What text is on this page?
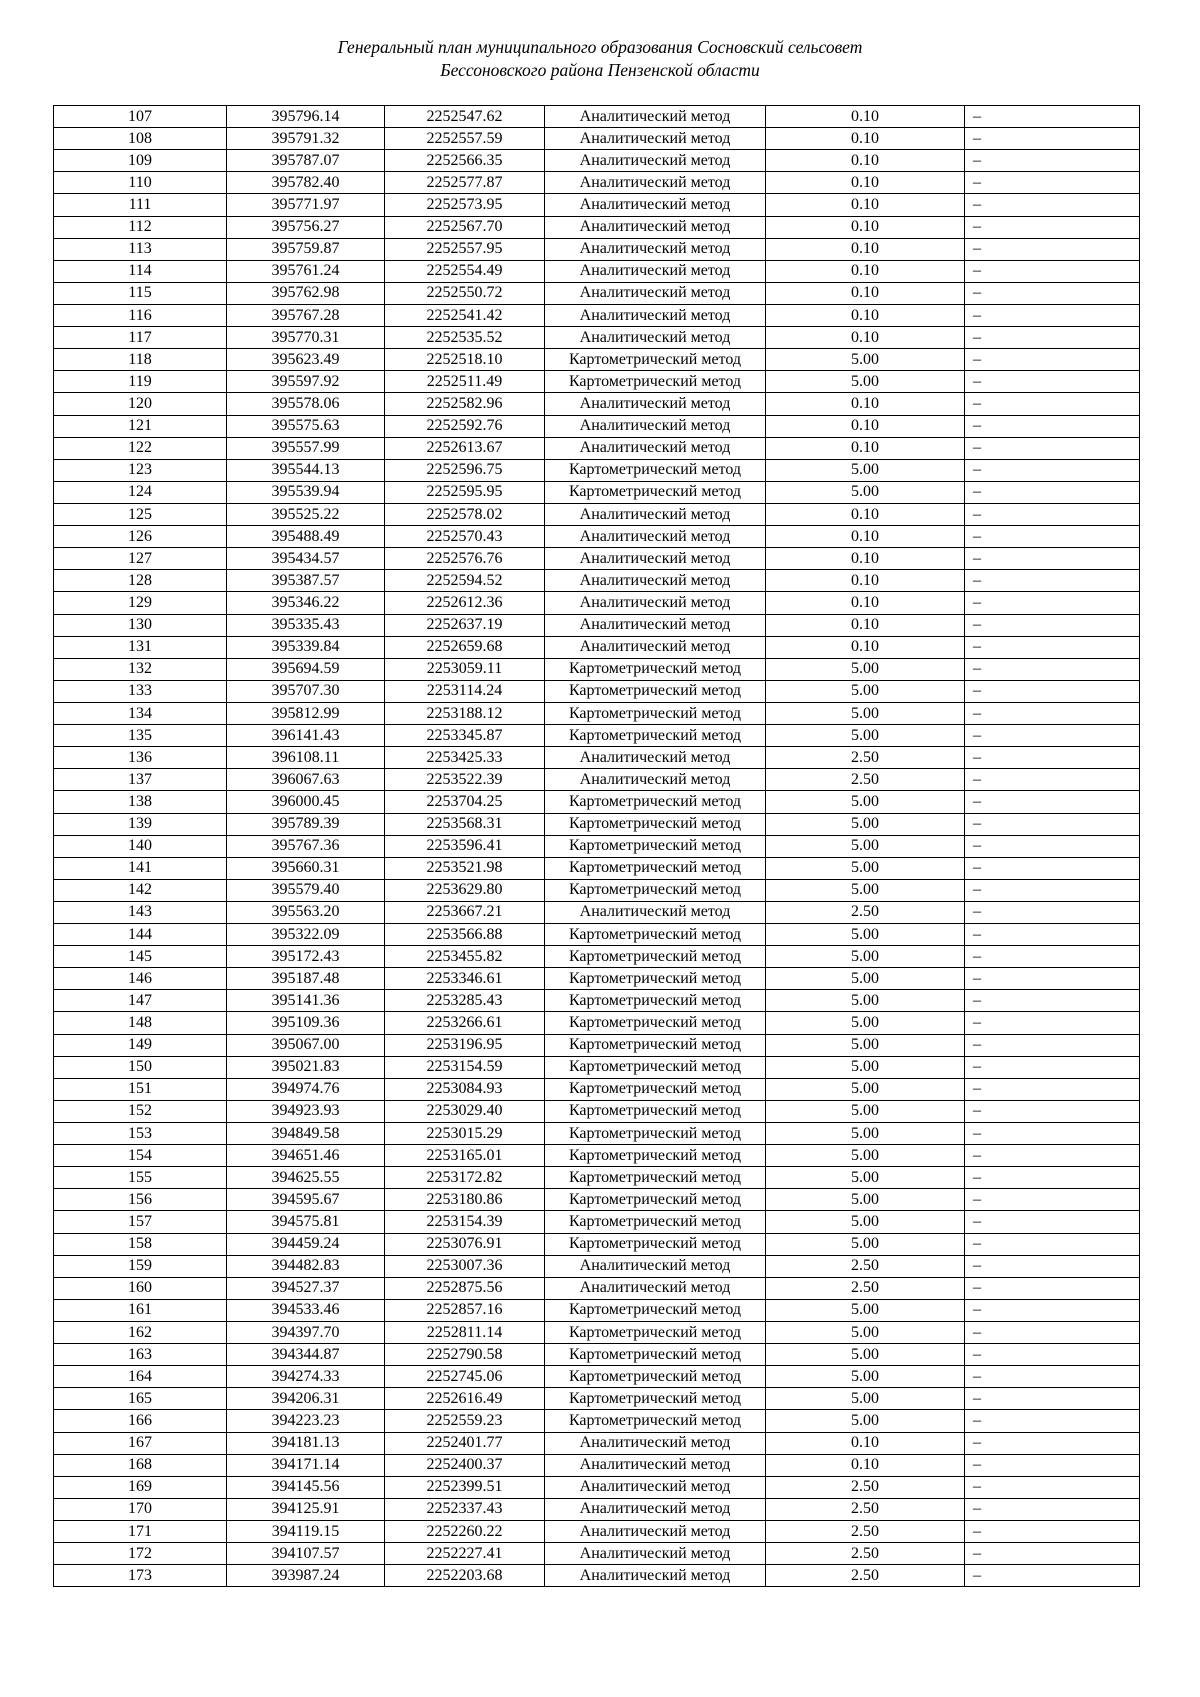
Генеральный план муниципального образования Сосновский сельсовет
Бессоновского района Пензенской области
107	395796.14	2252547.62	Аналитический метод	0.10	–
108	395791.32	2252557.59	Аналитический метод	0.10	–
109	395787.07	2252566.35	Аналитический метод	0.10	–
110	395782.40	2252577.87	Аналитический метод	0.10	–
111	395771.97	2252573.95	Аналитический метод	0.10	–
112	395756.27	2252567.70	Аналитический метод	0.10	–
113	395759.87	2252557.95	Аналитический метод	0.10	–
114	395761.24	2252554.49	Аналитический метод	0.10	–
115	395762.98	2252550.72	Аналитический метод	0.10	–
116	395767.28	2252541.42	Аналитический метод	0.10	–
117	395770.31	2252535.52	Аналитический метод	0.10	–
118	395623.49	2252518.10	Картометрический метод	5.00	–
119	395597.92	2252511.49	Картометрический метод	5.00	–
120	395578.06	2252582.96	Аналитический метод	0.10	–
121	395575.63	2252592.76	Аналитический метод	0.10	–
122	395557.99	2252613.67	Аналитический метод	0.10	–
123	395544.13	2252596.75	Картометрический метод	5.00	–
124	395539.94	2252595.95	Картометрический метод	5.00	–
125	395525.22	2252578.02	Аналитический метод	0.10	–
126	395488.49	2252570.43	Аналитический метод	0.10	–
127	395434.57	2252576.76	Аналитический метод	0.10	–
128	395387.57	2252594.52	Аналитический метод	0.10	–
129	395346.22	2252612.36	Аналитический метод	0.10	–
130	395335.43	2252637.19	Аналитический метод	0.10	–
131	395339.84	2252659.68	Аналитический метод	0.10	–
132	395694.59	2253059.11	Картометрический метод	5.00	–
133	395707.30	2253114.24	Картометрический метод	5.00	–
134	395812.99	2253188.12	Картометрический метод	5.00	–
135	396141.43	2253345.87	Картометрический метод	5.00	–
136	396108.11	2253425.33	Аналитический метод	2.50	–
137	396067.63	2253522.39	Аналитический метод	2.50	–
138	396000.45	2253704.25	Картометрический метод	5.00	–
139	395789.39	2253568.31	Картометрический метод	5.00	–
140	395767.36	2253596.41	Картометрический метод	5.00	–
141	395660.31	2253521.98	Картометрический метод	5.00	–
142	395579.40	2253629.80	Картометрический метод	5.00	–
143	395563.20	2253667.21	Аналитический метод	2.50	–
144	395322.09	2253566.88	Картометрический метод	5.00	–
145	395172.43	2253455.82	Картометрический метод	5.00	–
146	395187.48	2253346.61	Картометрический метод	5.00	–
147	395141.36	2253285.43	Картометрический метод	5.00	–
148	395109.36	2253266.61	Картометрический метод	5.00	–
149	395067.00	2253196.95	Картометрический метод	5.00	–
150	395021.83	2253154.59	Картометрический метод	5.00	–
151	394974.76	2253084.93	Картометрический метод	5.00	–
152	394923.93	2253029.40	Картометрический метод	5.00	–
153	394849.58	2253015.29	Картометрический метод	5.00	–
154	394651.46	2253165.01	Картометрический метод	5.00	–
155	394625.55	2253172.82	Картометрический метод	5.00	–
156	394595.67	2253180.86	Картометрический метод	5.00	–
157	394575.81	2253154.39	Картометрический метод	5.00	–
158	394459.24	2253076.91	Картометрический метод	5.00	–
159	394482.83	2253007.36	Аналитический метод	2.50	–
160	394527.37	2252875.56	Аналитический метод	2.50	–
161	394533.46	2252857.16	Картометрический метод	5.00	–
162	394397.70	2252811.14	Картометрический метод	5.00	–
163	394344.87	2252790.58	Картометрический метод	5.00	–
164	394274.33	2252745.06	Картометрический метод	5.00	–
165	394206.31	2252616.49	Картометрический метод	5.00	–
166	394223.23	2252559.23	Картометрический метод	5.00	–
167	394181.13	2252401.77	Аналитический метод	0.10	–
168	394171.14	2252400.37	Аналитический метод	0.10	–
169	394145.56	2252399.51	Аналитический метод	2.50	–
170	394125.91	2252337.43	Аналитический метод	2.50	–
171	394119.15	2252260.22	Аналитический метод	2.50	–
172	394107.57	2252227.41	Аналитический метод	2.50	–
173	393987.24	2252203.68	Аналитический метод	2.50	–
